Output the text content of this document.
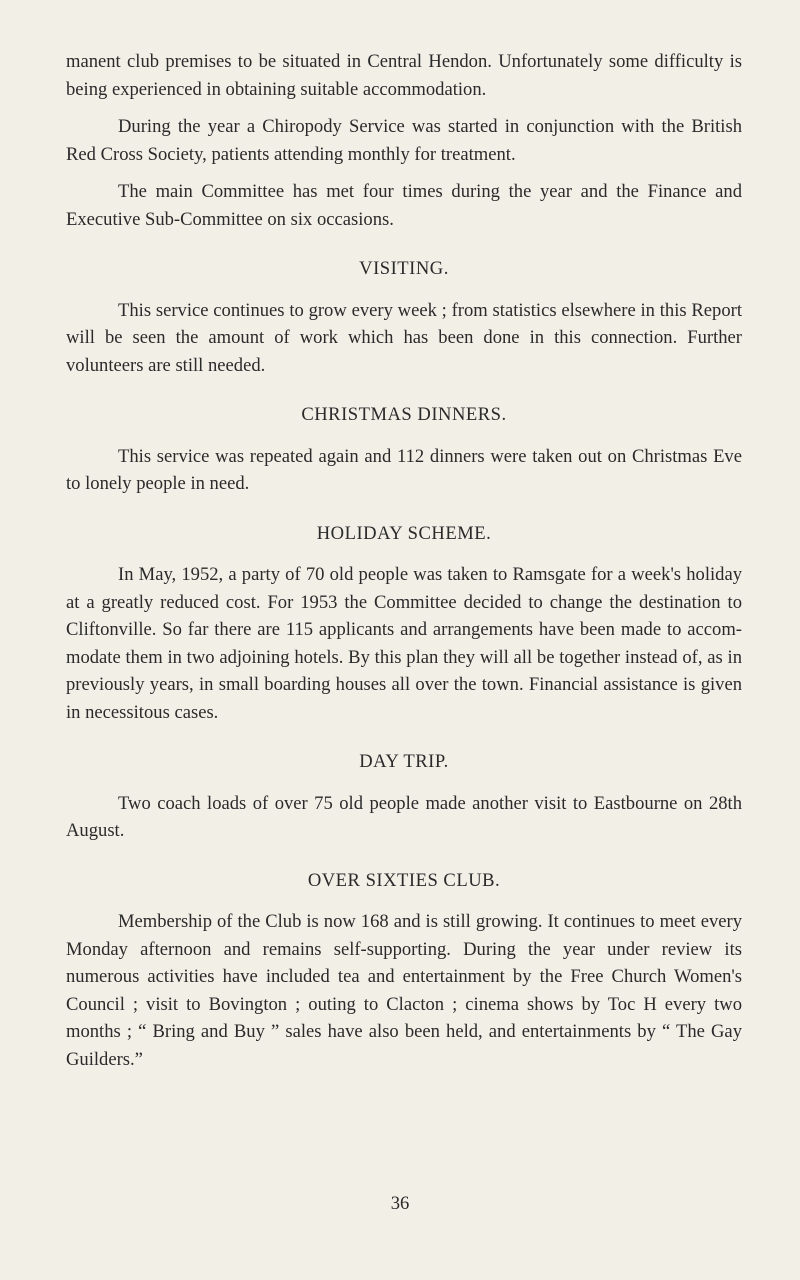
manent club premises to be situated in Central Hendon. Unfortunately some difficulty is being experienced in obtaining suitable accommodation.

During the year a Chiropody Service was started in conjunction with the British Red Cross Society, patients attending monthly for treatment.

The main Committee has met four times during the year and the Finance and Executive Sub-Committee on six occasions.

VISITING.

This service continues to grow every week ; from statistics elsewhere in this Report will be seen the amount of work which has been done in this connection. Further volunteers are still needed.

CHRISTMAS DINNERS.

This service was repeated again and 112 dinners were taken out on Christmas Eve to lonely people in need.

HOLIDAY SCHEME.

In May, 1952, a party of 70 old people was taken to Ramsgate for a week's holiday at a greatly reduced cost. For 1953 the Committee decided to change the destination to Cliftonville. So far there are 115 applicants and arrangements have been made to accommodate them in two adjoining hotels. By this plan they will all be together instead of, as in previously years, in small boarding houses all over the town. Financial assistance is given in necessitous cases.

DAY TRIP.

Two coach loads of over 75 old people made another visit to Eastbourne on 28th August.

OVER SIXTIES CLUB.

Membership of the Club is now 168 and is still growing. It continues to meet every Monday afternoon and remains self-supporting. During the year under review its numerous activities have included tea and entertainment by the Free Church Women's Council ; visit to Bovington ; outing to Clacton ; cinema shows by Toc H every two months ; “ Bring and Buy ” sales have also been held, and entertainments by “ The Gay Guilders.”

36
